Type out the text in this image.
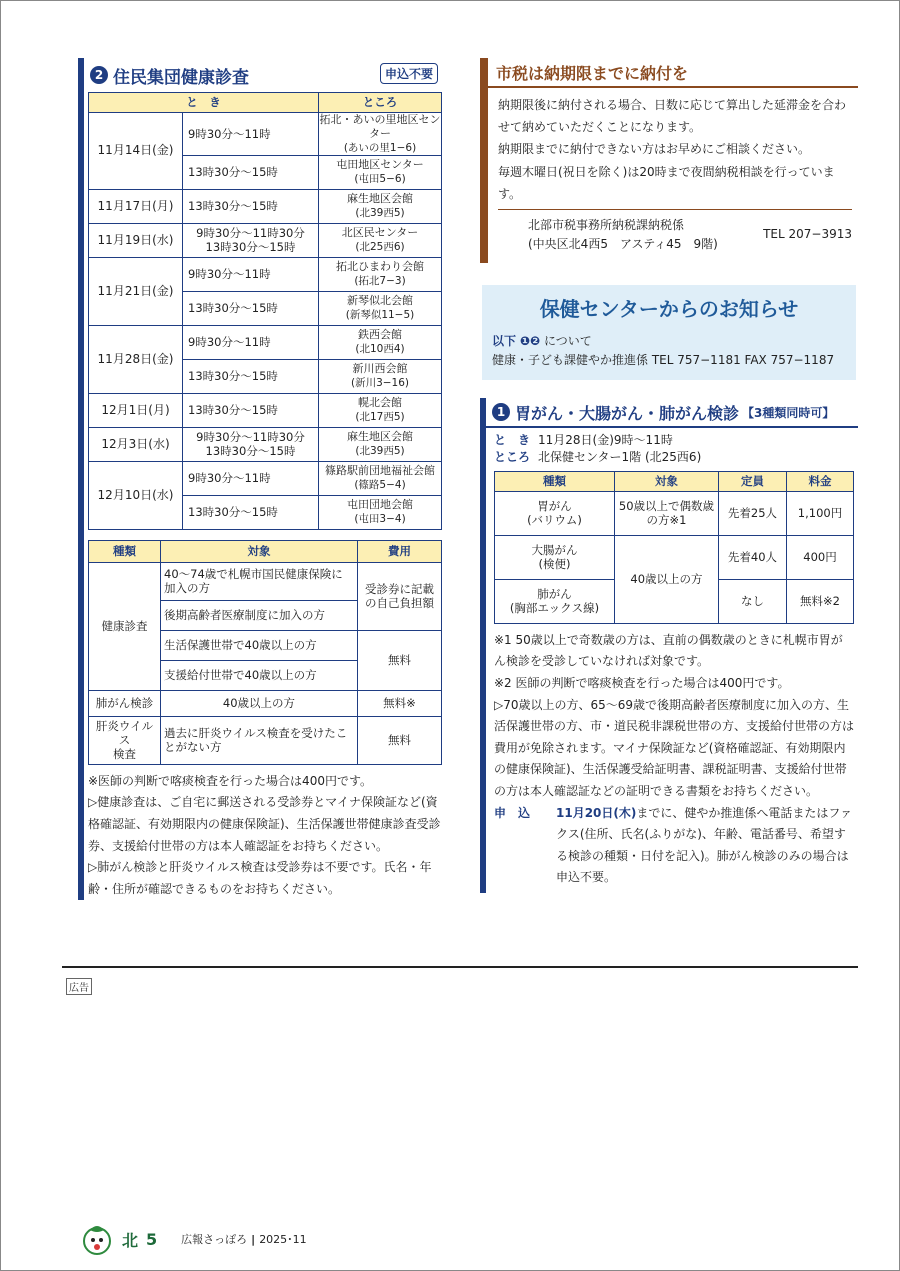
2 住民集団健康診査	申込不要
と　き		ところ
11月14日(金)	9時30分～11時	拓北・あいの里地区センター
(あいの里1−6)
	13時30分～15時	屯田地区センター
(屯田5−6)
11月17日(月)	13時30分～15時	麻生地区会館
(北39西5)
11月19日(水)	9時30分～11時30分
13時30分～15時	北区民センター
(北25西6)
11月21日(金)	9時30分～11時	拓北ひまわり会館
(拓北7−3)
	13時30分～15時	新琴似北会館
(新琴似11−5)
11月28日(金)	9時30分～11時	鉄西会館
(北10西4)
	13時30分～15時	新川西会館
(新川3−16)
12月1日(月)	13時30分～15時	幌北会館
(北17西5)
12月3日(水)	9時30分～11時30分
13時30分～15時	麻生地区会館
(北39西5)
12月10日(水)	9時30分～11時	篠路駅前団地福祉会館
(篠路5−4)
	13時30分～15時	屯田団地会館
(屯田3−4)
種類	対象	費用
健康診査	40～74歳で札幌市国民健康保険に加入の方	受診券に記載の自己負担額
	後期高齢者医療制度に加入の方	
	生活保護世帯で40歳以上の方	無料
	支援給付世帯で40歳以上の方	
肺がん検診	40歳以上の方	無料※
肝炎ウイルス
検査	過去に肝炎ウイルス検査を受けたことがない方	無料
※医師の判断で喀痰検査を行った場合は400円です。
▷健康診査は、ご自宅に郵送される受診券とマイナ保険証など(資格確認証、有効期限内の健康保険証)、生活保護世帯健康診査受診券、支援給付世帯の方は本人確認証をお持ちください。
▷肺がん検診と肝炎ウイルス検査は受診券は不要です。氏名・年齢・住所が確認できるものをお持ちください。
市税は納期限までに納付を
納期限後に納付される場合、日数に応じて算出した延滞金を合わせて納めていただくことになります。
納期限までに納付できない方はお早めにご相談ください。
毎週木曜日(祝日を除く)は20時まで夜間納税相談を行っています。
北部市税事務所納税課納税係
(中央区北4西5　アスティ45　9階)
TEL 207−3913
保健センターからのお知らせ
以下 ❶❷ について
健康・子ども課健やか推進係 TEL 757−1181 FAX 757−1187
1 胃がん・大腸がん・肺がん検診 【3種類同時可】
と　き 11月28日(金)9時～11時
ところ 北保健センター1階 (北25西6)
種類	対象	定員	料金
胃がん
(バリウム)	50歳以上で偶数歳の方※1	先着25人	1,100円
大腸がん
(検便)	40歳以上の方	先着40人	400円
肺がん
(胸部エックス線)		なし	無料※2
※1 50歳以上で奇数歳の方は、直前の偶数歳のときに札幌市胃がん検診を受診していなければ対象です。
※2 医師の判断で喀痰検査を行った場合は400円です。
▷70歳以上の方、65～69歳で後期高齢者医療制度に加入の方、生活保護世帯の方、市・道民税非課税世帯の方、支援給付世帯の方は費用が免除されます。マイナ保険証など(資格確認証、有効期限内の健康保険証)、生活保護受給証明書、課税証明書、支援給付世帯の方は本人確認証などの証明できる書類をお持ちください。
申　込	11月20日(木)までに、健やか推進係へ電話またはファクス(住所、氏名(ふりがな)、年齢、電話番号、希望する検診の種類・日付を記入)。肺がん検診のみの場合は申込不要。
広告
北 5 広報さっぽろ | 2025･11
